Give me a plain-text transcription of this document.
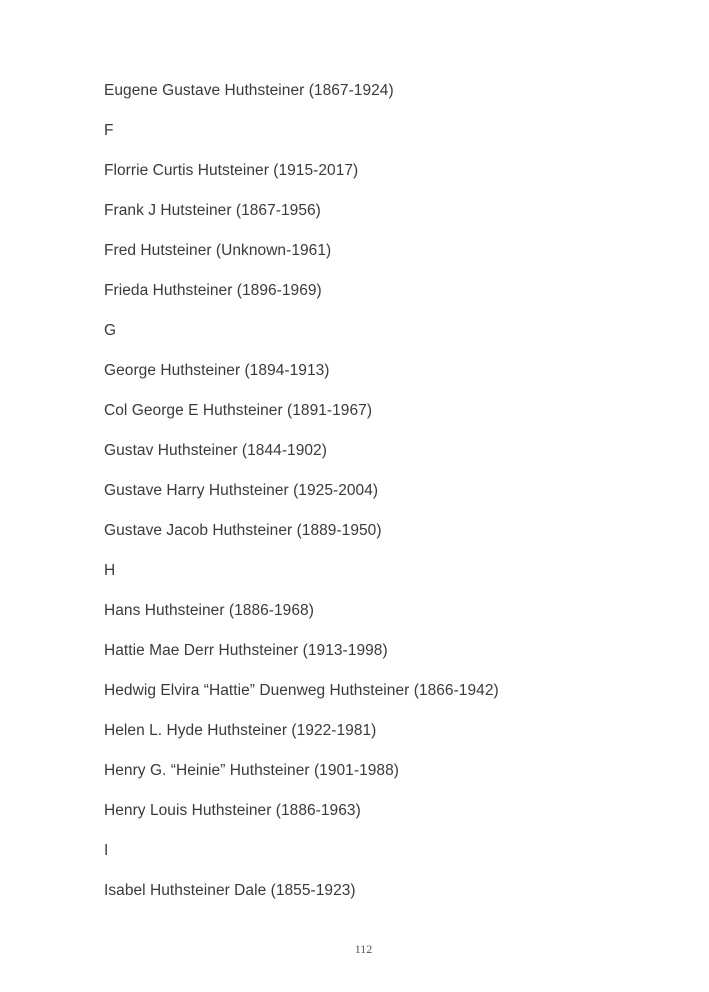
Eugene Gustave Huthsteiner (1867-1924)
F
Florrie Curtis Hutsteiner (1915-2017)
Frank J Hutsteiner (1867-1956)
Fred Hutsteiner (Unknown-1961)
Frieda Huthsteiner (1896-1969)
G
George Huthsteiner (1894-1913)
Col George E Huthsteiner (1891-1967)
Gustav Huthsteiner (1844-1902)
Gustave Harry Huthsteiner (1925-2004)
Gustave Jacob Huthsteiner (1889-1950)
H
Hans Huthsteiner (1886-1968)
Hattie Mae Derr Huthsteiner (1913-1998)
Hedwig Elvira “Hattie” Duenweg Huthsteiner (1866-1942)
Helen L. Hyde Huthsteiner (1922-1981)
Henry G. “Heinie” Huthsteiner (1901-1988)
Henry Louis Huthsteiner (1886-1963)
I
Isabel Huthsteiner Dale (1855-1923)
112
